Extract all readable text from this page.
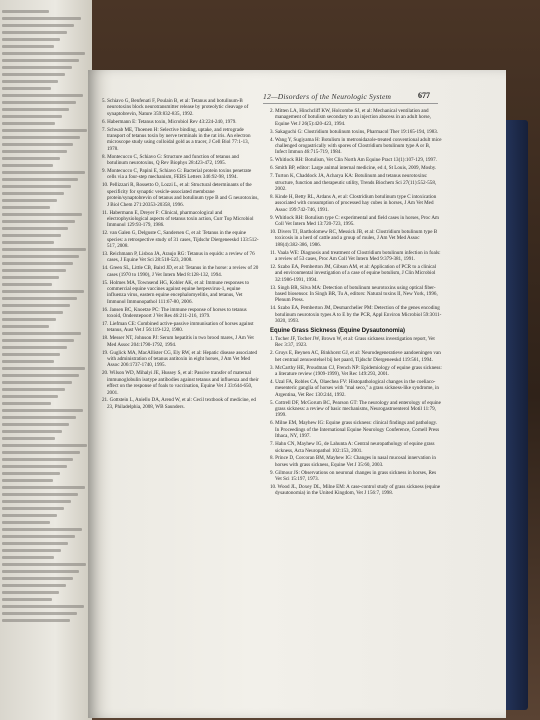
12—Disorders of the Neurologic System	677
5. Schiavo G, Benfenati F, Poulain B, et al: Tetanus and botulinum-B neurotoxins block neurotransmitter release by proteolytic cleavage of synaptobrevin, Nature 359:832-835, 1992.
6. Habermann E: Tetanus toxin, Microbiol Rev 43:224-240, 1979.
7. Schwab ME, Thoenen H: Selective binding, uptake, and retrograde transport of tetanus toxin by nerve terminals in the rat iris. An electron microscope study using colloidal gold as a tracer, J Cell Biol 77:1-13, 1978.
8. Montecucco C, Schiavo G: Structure and function of tetanus and botulinum neurotoxins, Q Rev Biophys 28:423-472, 1995.
9. Montecucco C, Papini E, Schiavo G: Bacterial protein toxins penetrate cells via a four-step mechanism, FEBS Letters 346:92-98, 1994.
10. Pellizzari R, Rossetto O, Lozzi L, et al: Structural determinants of the specificity for synaptic vesicle-associated membrane protein/synaptobrevin of tetanus and botulinum type B and G neurotoxins, J Biol Chem 271:20353-20358, 1996.
11. Habermann E, Dreyer F: Clinical, pharmacological and electrophysiological aspects of tetanus toxin action, Curr Top Microbiol Immunol 129:93-179, 1986.
12. van Galen G, Delguste C, Sandersen C, et al: Tetanus in the equine species: a retrospective study of 31 cases, Tijdschr Diergeneeskd 133:512-517, 2008.
13. Reichmann P, Lisboa JA, Araujo RG: Tetanus in equids: a review of 76 cases, J Equine Vet Sci 28:518-523, 2008.
14. Green SL, Little CB, Baird JD, et al: Tetanus in the horse: a review of 20 cases (1970 to 1990), J Vet Intern Med 8:128-132, 1994.
15. Holmes MA, Townsend HG, Kohler AK, et al: Immune responses to commercial equine vaccines against equine herpesvirus-1, equine influenza virus, eastern equine encephalomyelitis, and tetanus, Vet Immunol Immunopathol 111:67-80, 2006.
16. Jansen BC, Knoetze PC: The immune response of horses to tetanus toxoid, Onderstepoort J Vet Res 46:211-216, 1979.
17. Liefman CE: Combined active-passive immunisation of horses against tetanus, Aust Vet J 56:119-122, 1980.
18. Messer NT, Johnson PJ: Serum hepatitis in two brood mares, J Am Vet Med Assoc 204:1790-1792, 1994.
19. Guglick MA, MacAllister CG, Ely RW, et al: Hepatic disease associated with administration of tetanus antitoxin in eight horses, J Am Vet Med Assoc 206:1737-1740, 1995.
20. Wilson WD, Mihalyi JE, Hussey S, et al: Passive transfer of maternal immunoglobulin isotype antibodies against tetanus and influenza and their effect on the response of foals to vaccination, Equine Vet J 33:644-650, 2001.
21. Gottstein L, Aniello DA, Arend W, et al: Cecil textbook of medicine, ed 23, Philadelphia, 2008, WB Saunders.
2. Mitten LA, Hinchcliff KW, Holcombe SJ, et al: Mechanical ventilation and management of botulism secondary to an injection abscess in an adult horse, Equine Vet J 26(5):420-423, 1994.
3. Sakaguchi G: Clostridium botulinum toxins, Pharmacol Ther 19:165-194, 1983.
4. Wang Y, Sugiyama H: Botulism in metronidazole-treated conventional adult mice challenged orogastrically with spores of Clostridium botulinum type A or B, Infect Immun 46:715-719, 1984.
5. Whitlock RH: Botulism, Vet Clin North Am Equine Pract 13(1):107-129, 1997.
6. Smith BP, editor: Large animal internal medicine, ed 4, St Louis, 2009, Mosby.
7. Turton K, Chaddock JA, Acharya KA: Botulinum and tetanus neurotoxins: structure, function and therapeutic utility, Trends Biochem Sci 27(11):552-558, 2002.
8. Kinde H, Betty RL, Ardans A, et al: Clostridium botulinum type C intoxication associated with consumption of processed hay cubes in horses, J Am Vet Med Assoc 199:742-746, 1991.
9. Whitlock RH: Botulism type C: experimental and field cases in horses, Proc Am Coll Vet Intern Med 13:720-723, 1995.
10. Divers TJ, Bartholomew RC, Messick JB, et al: Clostridium botulinum type B toxicosis in a herd of cattle and a group of mules, J Am Vet Med Assoc 188(4):382-386, 1986.
11. Vaala WE: Diagnosis and treatment of Clostridium botulinum infection in foals: a review of 53 cases, Proc Am Coll Vet Intern Med 9:379-381, 1991.
12. Szabo EA, Pemberton JM, Gibson AM, et al: Application of PCR to a clinical and environmental investigation of a case of equine botulism, J Clin Microbiol 32:1986-1991, 1994.
13. Singh BR, Silva MA: Detection of botulinum neurotoxins using optical fiber-based biosensor. In Singh BR, Tu A, editors: Natural toxins II, New York, 1996, Plenum Press.
14. Szabo EA, Pemberton JM, Desmarchelier PM: Detection of the genes encoding botulinum neurotoxin types A to E by the PCR, Appl Environ Microbiol 59:3011-3020, 1993.
Equine Grass Sickness (Equine Dysautonomia)
1. Tocher JF, Tocher JW, Brown W, et al: Grass sickness investigation report, Vet Rec 3:37, 1923.
2. Gruys E, Beynen AC, Binkhorst GJ, et al: Neurodegeneratieve aandoeningen van het centraal zenuwstelsel bij het paard, Tijdschr Diergeneeskd 119:561, 1994.
3. McCarthy HE, Proudman CJ, French NP: Epidemiology of equine grass sickness: a literature review (1909-1999), Vet Rec 149:293, 2001.
4. Uzal FA, Robles CA, Olaechea FV: Histopathological changes in the coeliaco-mesenteric ganglia of horses with "mal seco," a grass sickness-like syndrome, in Argentina, Vet Rec 130:244, 1992.
5. Cottrell DF, McGorum BC, Pearson GT: The neurology and enterology of equine grass sickness: a review of basic mechanisms, Neurogastroenterol Motil 11:79, 1999.
6. Milne EM, Mayhew IG: Equine grass sickness: clinical findings and pathology. In Proceedings of the International Equine Neurology Conference, Cornell Press Ithaca, NY, 1997.
7. Hahn CN, Mayhew IG, de Lahunta A: Central neuropathology of equine grass sickness, Acta Neuropathol 102:153, 2001.
8. Prince D, Corcoran BM, Mayhew IG: Changes in nasal mucosal innervation in horses with grass sickness, Equine Vet J 35:60, 2003.
9. Gilmour JS: Observations on neuronal changes in grass sickness in horses, Res Vet Sci 15:197, 1973.
10. Wood JL, Doxey DL, Milne EM: A case-control study of grass sickness (equine dysautonomia) in the United Kingdom, Vet J 156:7, 1998.
